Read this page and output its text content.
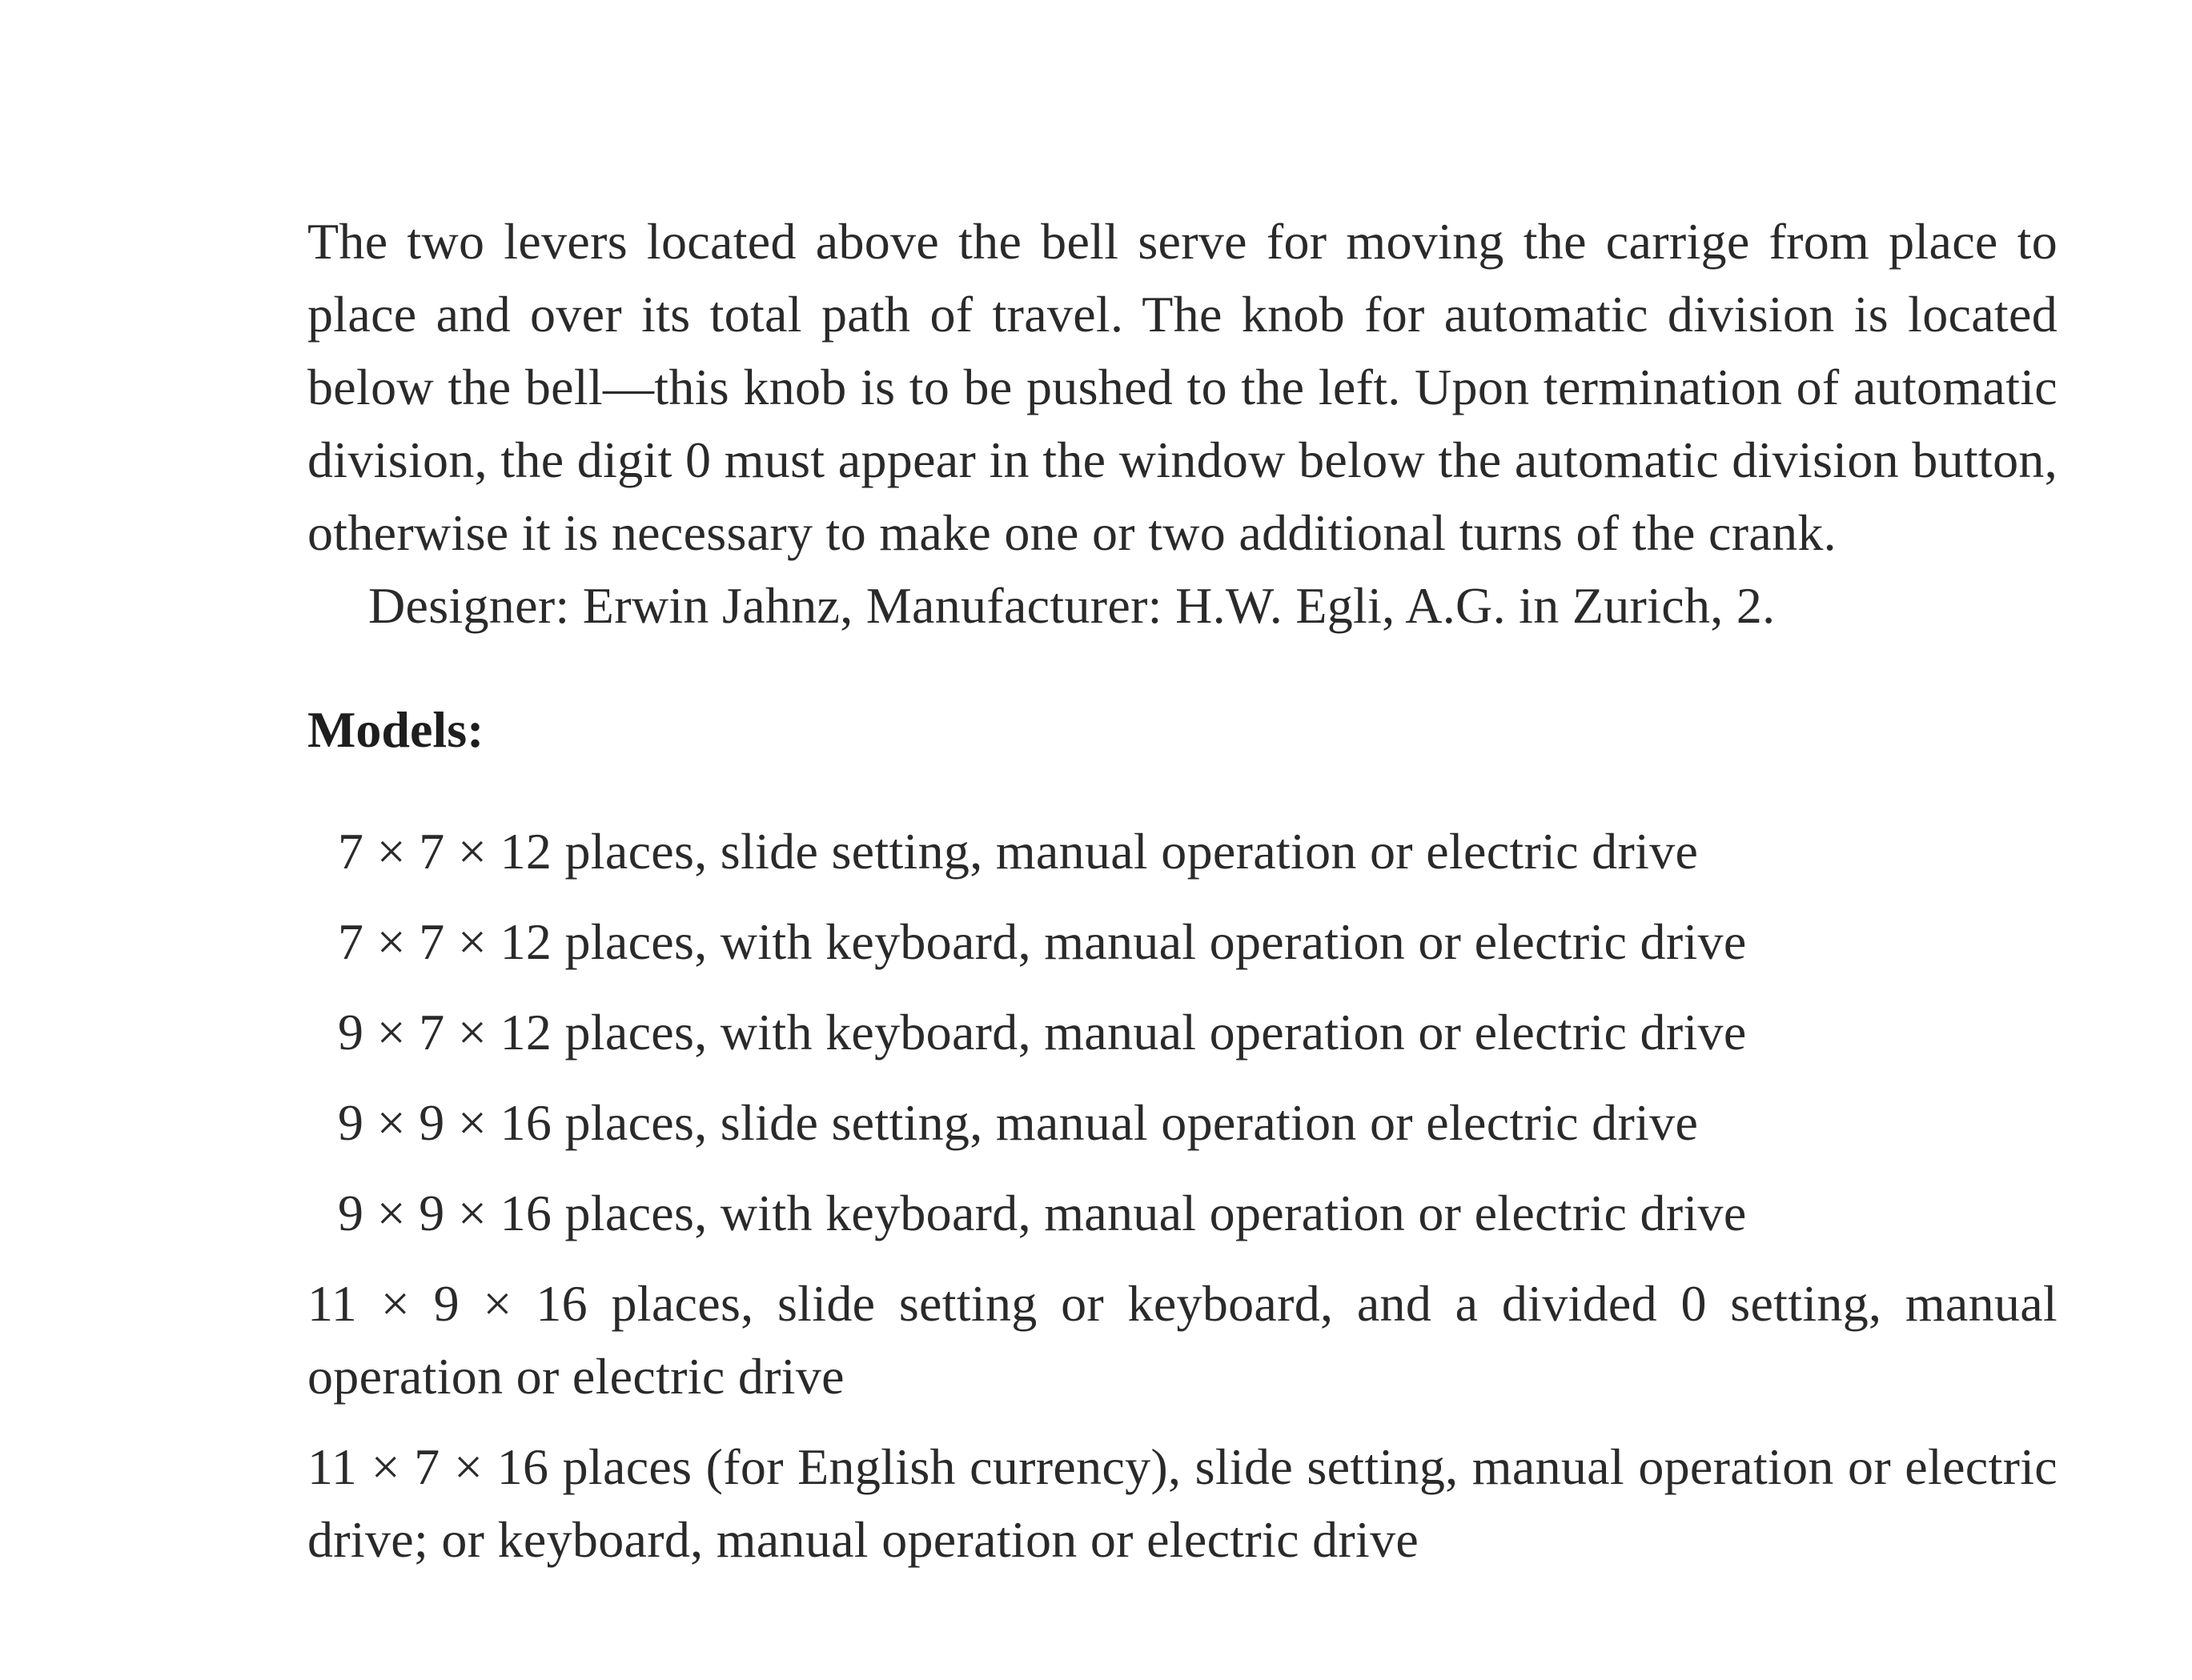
The two levers located above the bell serve for moving the carrige from place to place and over its total path of travel. The knob for automatic division is located below the bell—this knob is to be pushed to the left. Upon termination of automatic division, the digit 0 must appear in the window below the automatic division button, otherwise it is necessary to make one or two additional turns of the crank.

Designer: Erwin Jahnz, Manufacturer: H.W. Egli, A.G. in Zurich, 2.

Models:
7 × 7 × 12 places, slide setting, manual operation or electric drive
7 × 7 × 12 places, with keyboard, manual operation or electric drive
9 × 7 × 12 places, with keyboard, manual operation or electric drive
9 × 9 × 16 places, slide setting, manual operation or electric drive
9 × 9 × 16 places, with keyboard, manual operation or electric drive
11 × 9 × 16 places, slide setting or keyboard, and a divided 0 setting, manual operation or electric drive
11 × 7 × 16 places (for English currency), slide setting, manual operation or electric drive; or keyboard, manual operation or electric drive
